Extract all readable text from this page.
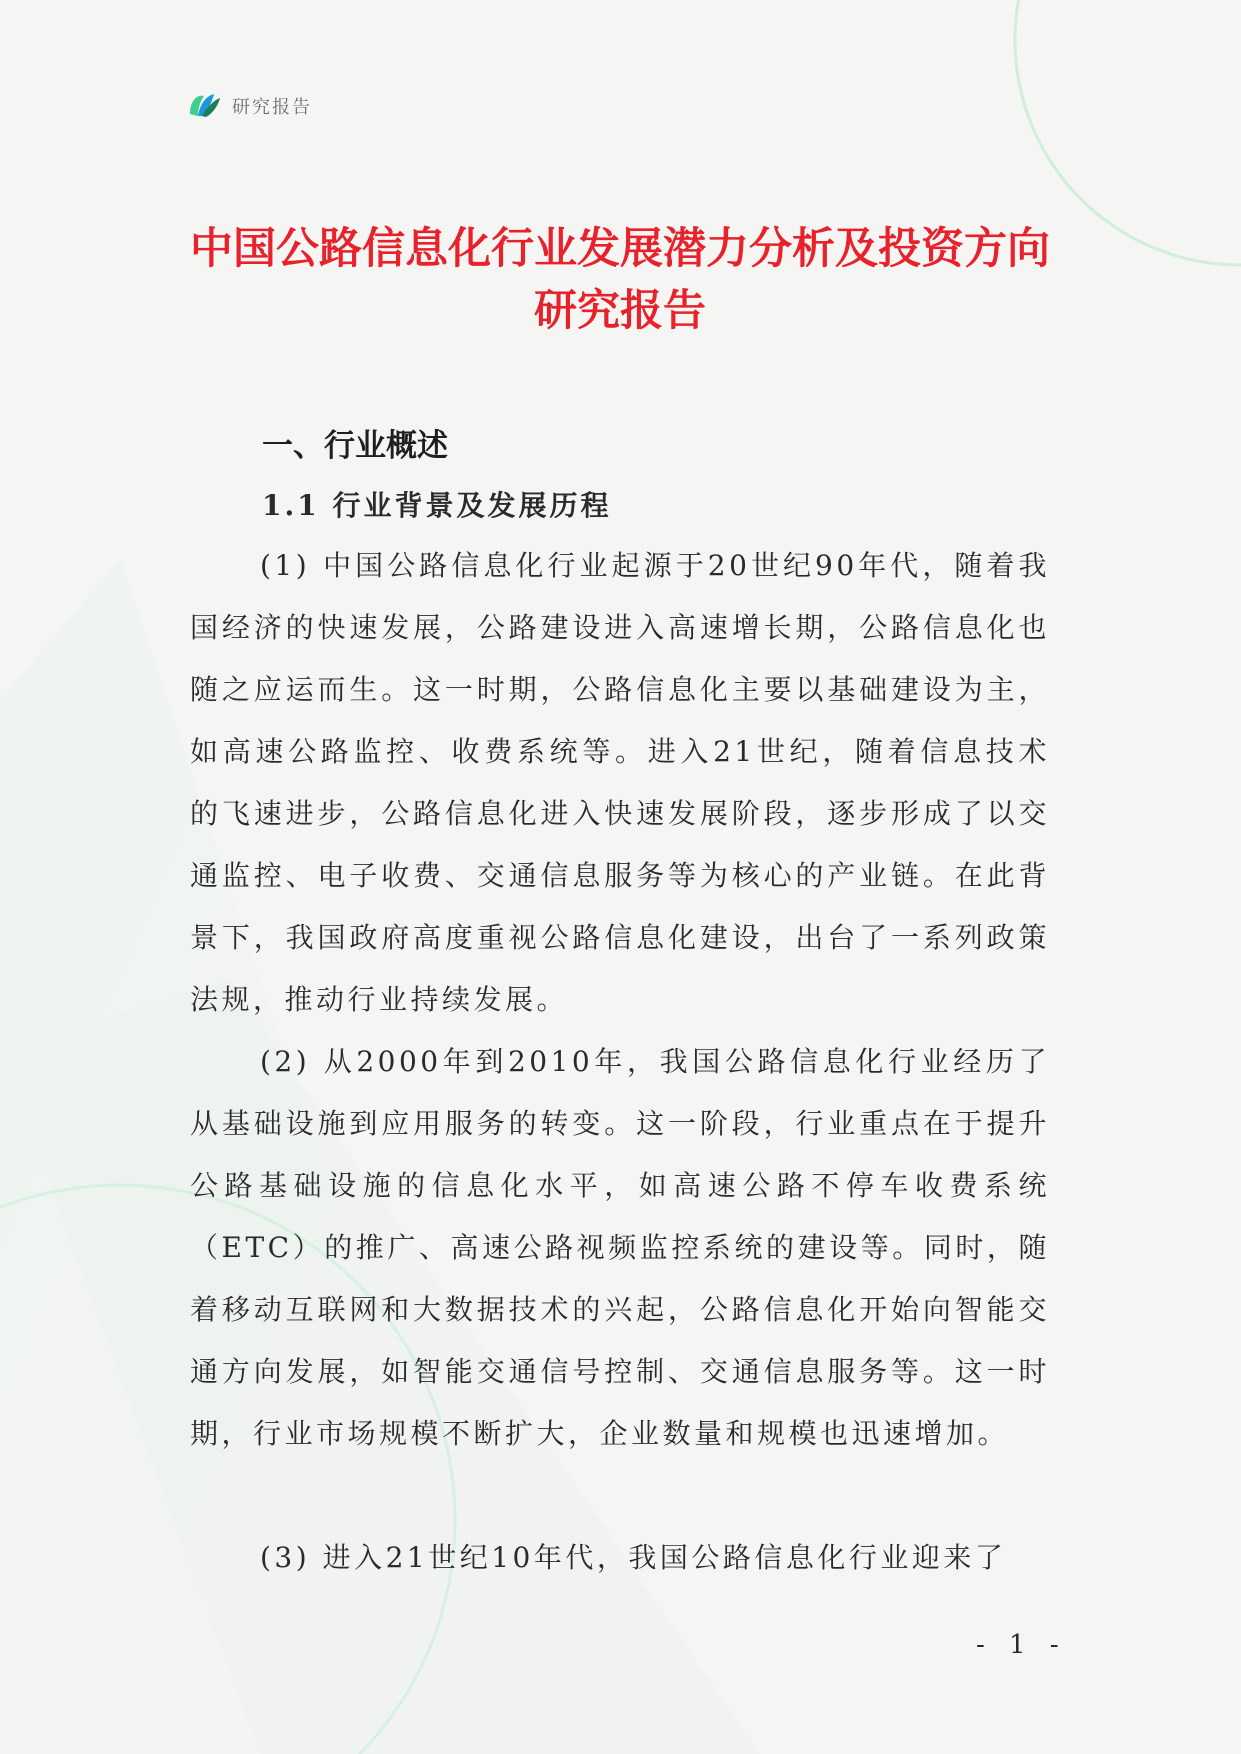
研究报告
中国公路信息化行业发展潜力分析及投资方向研究报告
一、行业概述
1.1 行业背景及发展历程

(1) 中国公路信息化行业起源于20世纪90年代，随着我国经济的快速发展，公路建设进入高速增长期，公路信息化也随之应运而生。这一时期，公路信息化主要以基础建设为主，如高速公路监控、收费系统等。进入21世纪，随着信息技术的飞速进步，公路信息化进入快速发展阶段，逐步形成了以交通监控、电子收费、交通信息服务等为核心的产业链。在此背景下，我国政府高度重视公路信息化建设，出台了一系列政策法规，推动行业持续发展。

(2) 从2000年到2010年，我国公路信息化行业经历了从基础设施到应用服务的转变。这一阶段，行业重点在于提升公路基础设施的信息化水平，如高速公路不停车收费系统（ETC）的推广、高速公路视频监控系统的建设等。同时，随着移动互联网和大数据技术的兴起，公路信息化开始向智能交通方向发展，如智能交通信号控制、交通信息服务等。这一时期，行业市场规模不断扩大，企业数量和规模也迅速增加。

(3) 进入21世纪10年代，我国公路信息化行业迎来了

- 1 -
